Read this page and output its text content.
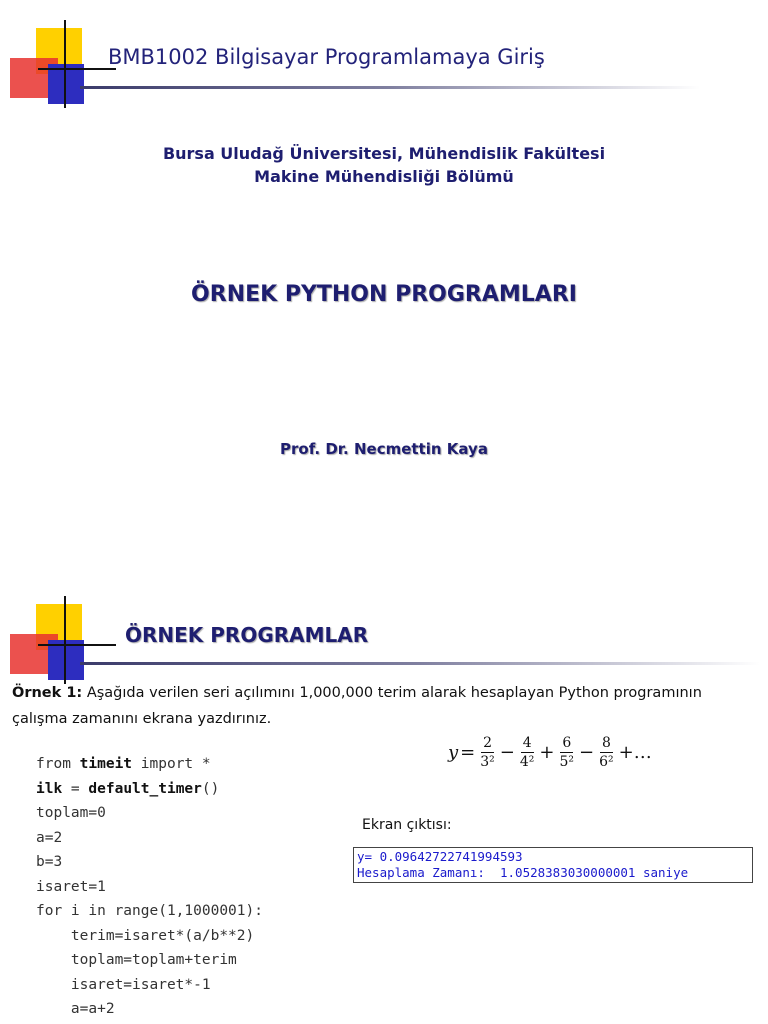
BMB1002 Bilgisayar Programlamaya Giriş
Bursa Uludağ Üniversitesi, Mühendislik Fakültesi
Makine Mühendisliği Bölümü
ÖRNEK PYTHON PROGRAMLARI
Prof. Dr. Necmettin Kaya
ÖRNEK PROGRAMLAR
Örnek 1: Aşağıda verilen seri açılımını 1,000,000 terim alarak hesaplayan Python programının çalışma zamanını ekrana yazdırınız.
from timeit import *
ilk = default_timer()
toplam=0
a=2
b=3
isaret=1
for i in range(1,1000001):
terim=isaret*(a/b**2)
toplam=toplam+terim
isaret=isaret*-1
a=a+2
$y = \frac{2}{\text{3²}} - \frac{4}{\text{4²}} + \frac{6}{\text{5²}} - \frac{8}{\text{6²}}$ +…
Ekran çıktısı:
y= 0.09642722741994593
Hesaplama Zamanı:  1.0528383030000001 saniye
